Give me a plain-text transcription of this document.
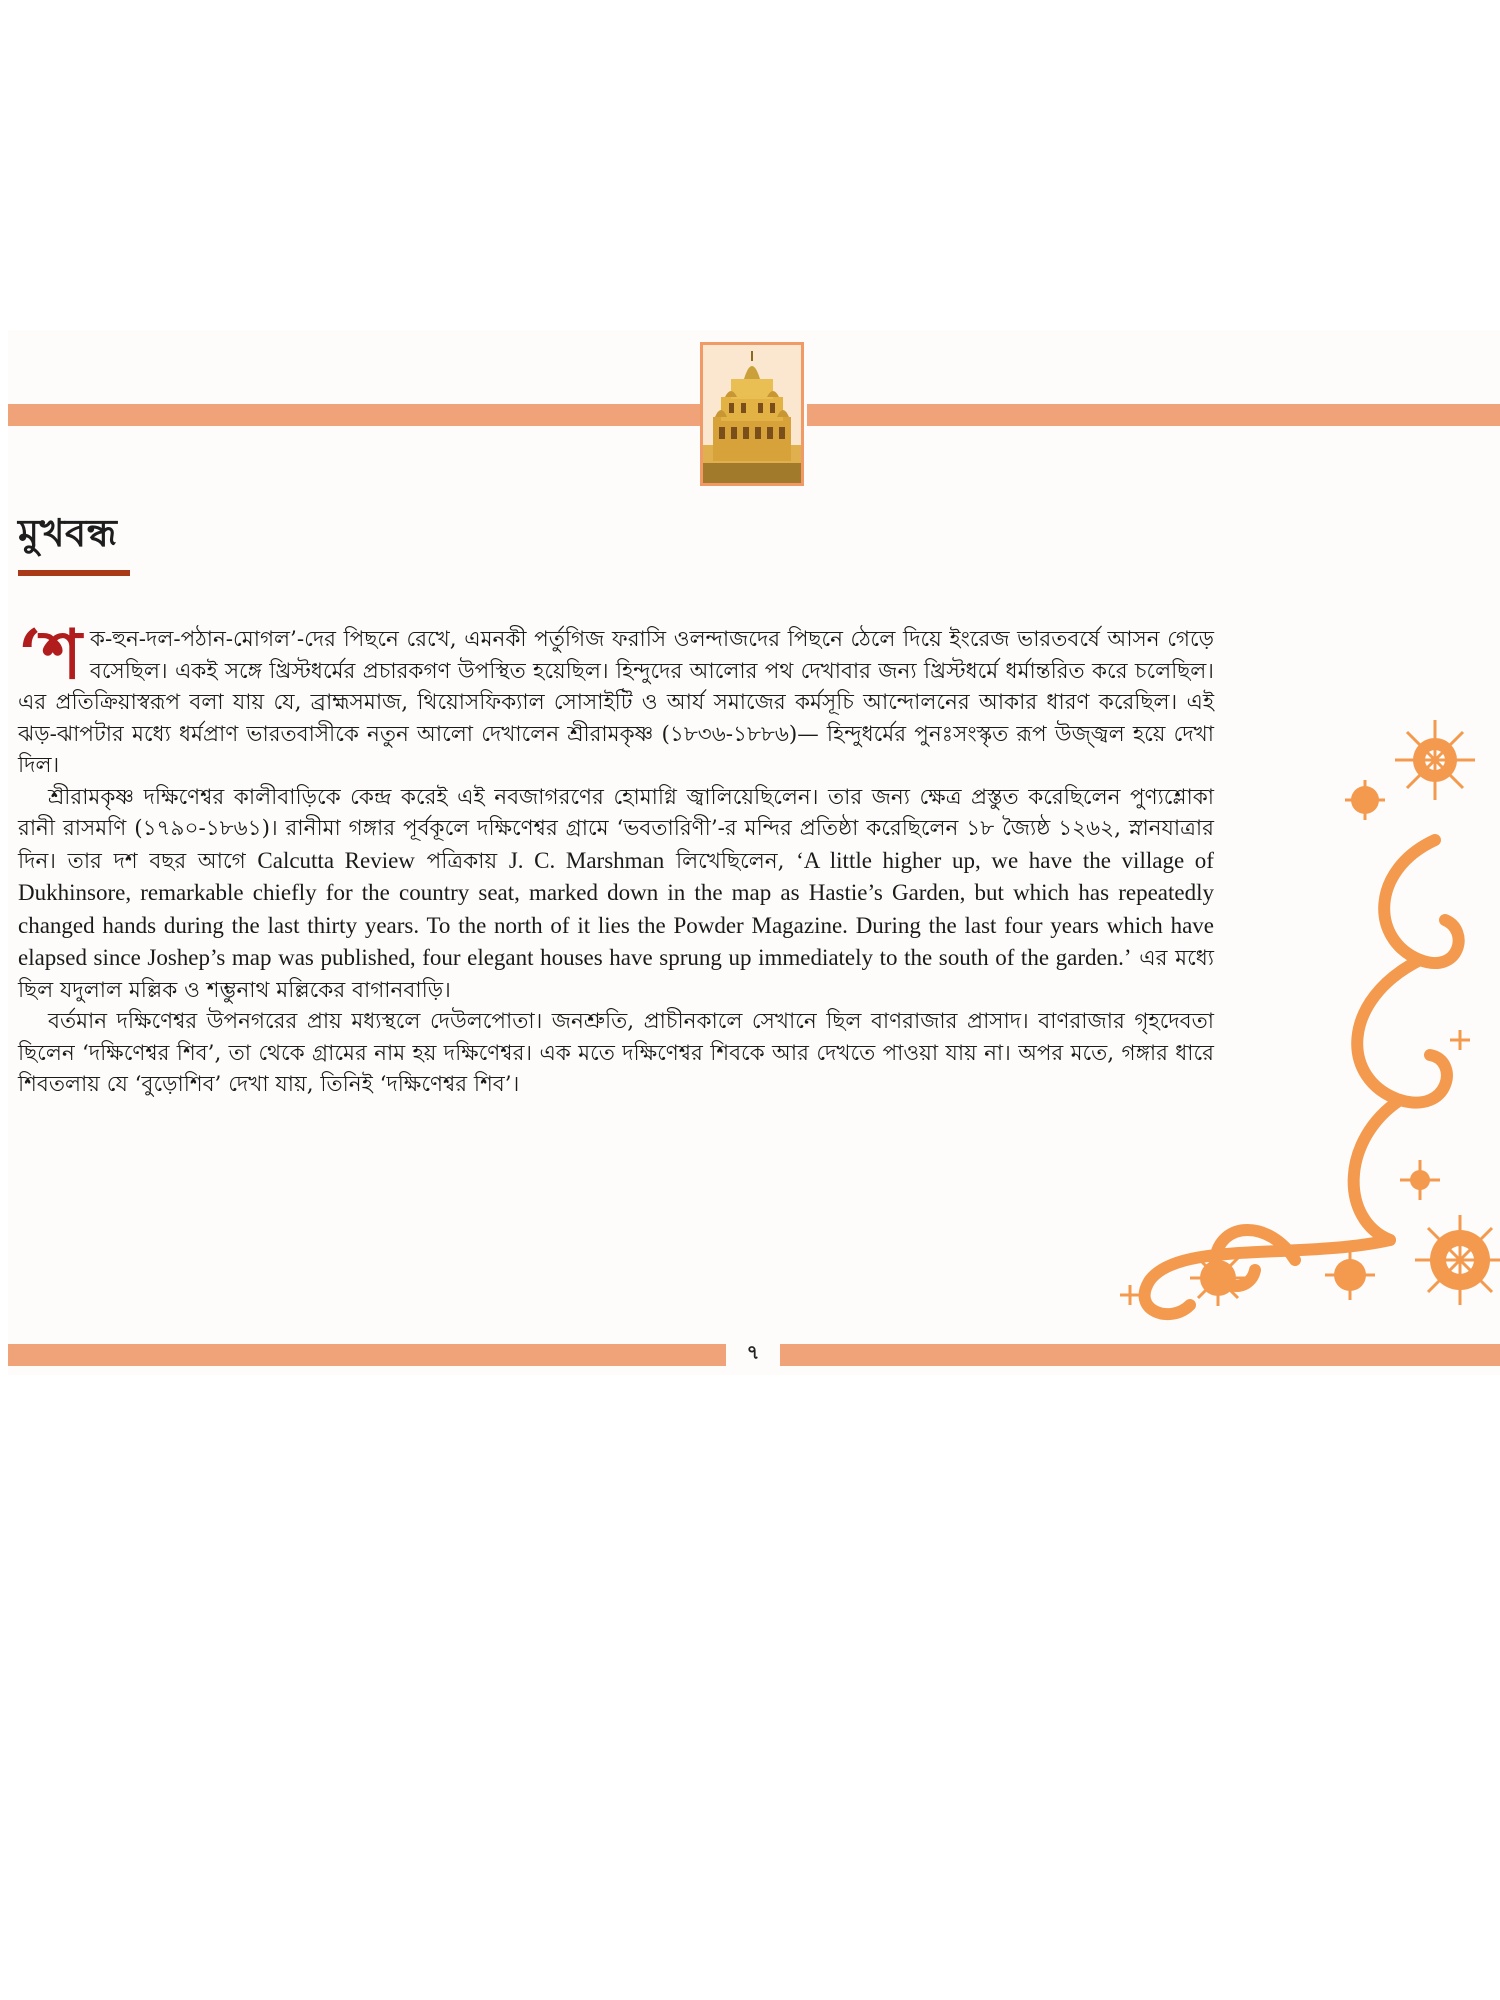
মুখবন্ধ

‘শক-হুন-দল-পঠান-মোগল’-দের পিছনে রেখে, এমনকী পর্তুগিজ ফরাসি ওলন্দাজদের পিছনে ঠেলে দিয়ে ইংরেজ ভারতবর্ষে আসন গেড়ে বসেছিল। একই সঙ্গে খ্রিস্টধর্মের প্রচারকগণ উপস্থিত হয়েছিল। হিন্দুদের আলোর পথ দেখাবার জন্য খ্রিস্টধর্মে ধর্মান্তরিত করে চলেছিল। এর প্রতিক্রিয়াস্বরূপ বলা যায় যে, ব্রাহ্মসমাজ, থিয়োসফিক্যাল সোসাইটি ও আর্য সমাজের কর্মসূচি আন্দোলনের আকার ধারণ করেছিল। এই ঝড়-ঝাপটার মধ্যে ধর্মপ্রাণ ভারতবাসীকে নতুন আলো দেখালেন শ্রীরামকৃষ্ণ (১৮৩৬-১৮৮৬)— হিন্দুধর্মের পুনঃসংস্কৃত রূপ উজ্জ্বল হয়ে দেখা দিল।

শ্রীরামকৃষ্ণ দক্ষিণেশ্বর কালীবাড়িকে কেন্দ্র করেই এই নবজাগরণের হোমাগ্নি জ্বালিয়েছিলেন। তার জন্য ক্ষেত্র প্রস্তুত করেছিলেন পুণ্যশ্লোকা রানী রাসমণি (১৭৯০-১৮৬১)। রানীমা গঙ্গার পূর্বকূলে দক্ষিণেশ্বর গ্রামে ‘ভবতারিণী’-র মন্দির প্রতিষ্ঠা করেছিলেন ১৮ জ্যৈষ্ঠ ১২৬২, স্নানযাত্রার দিন। তার দশ বছর আগে Calcutta Review পত্রিকায় J. C. Marshman লিখেছিলেন, ‘A little higher up, we have the village of Dukhinsore, remarkable chiefly for the country seat, marked down in the map as Hastie’s Garden, but which has repeatedly changed hands during the last thirty years. To the north of it lies the Powder Magazine. During the last four years which have elapsed since Joshep’s map was published, four elegant houses have sprung up immediately to the south of the garden.’ এর মধ্যে ছিল যদুলাল মল্লিক ও শম্ভুনাথ মল্লিকের বাগানবাড়ি।

বর্তমান দক্ষিণেশ্বর উপনগরের প্রায় মধ্যস্থলে দেউলপোতা। জনশ্রুতি, প্রাচীনকালে সেখানে ছিল বাণরাজার প্রাসাদ। বাণরাজার গৃহদেবতা ছিলেন ‘দক্ষিণেশ্বর শিব’, তা থেকে গ্রামের নাম হয় দক্ষিণেশ্বর। এক মতে দক্ষিণেশ্বর শিবকে আর দেখতে পাওয়া যায় না। অপর মতে, গঙ্গার ধারে শিবতলায় যে ‘বুড়োশিব’ দেখা যায়, তিনিই ‘দক্ষিণেশ্বর শিব’।

৭
